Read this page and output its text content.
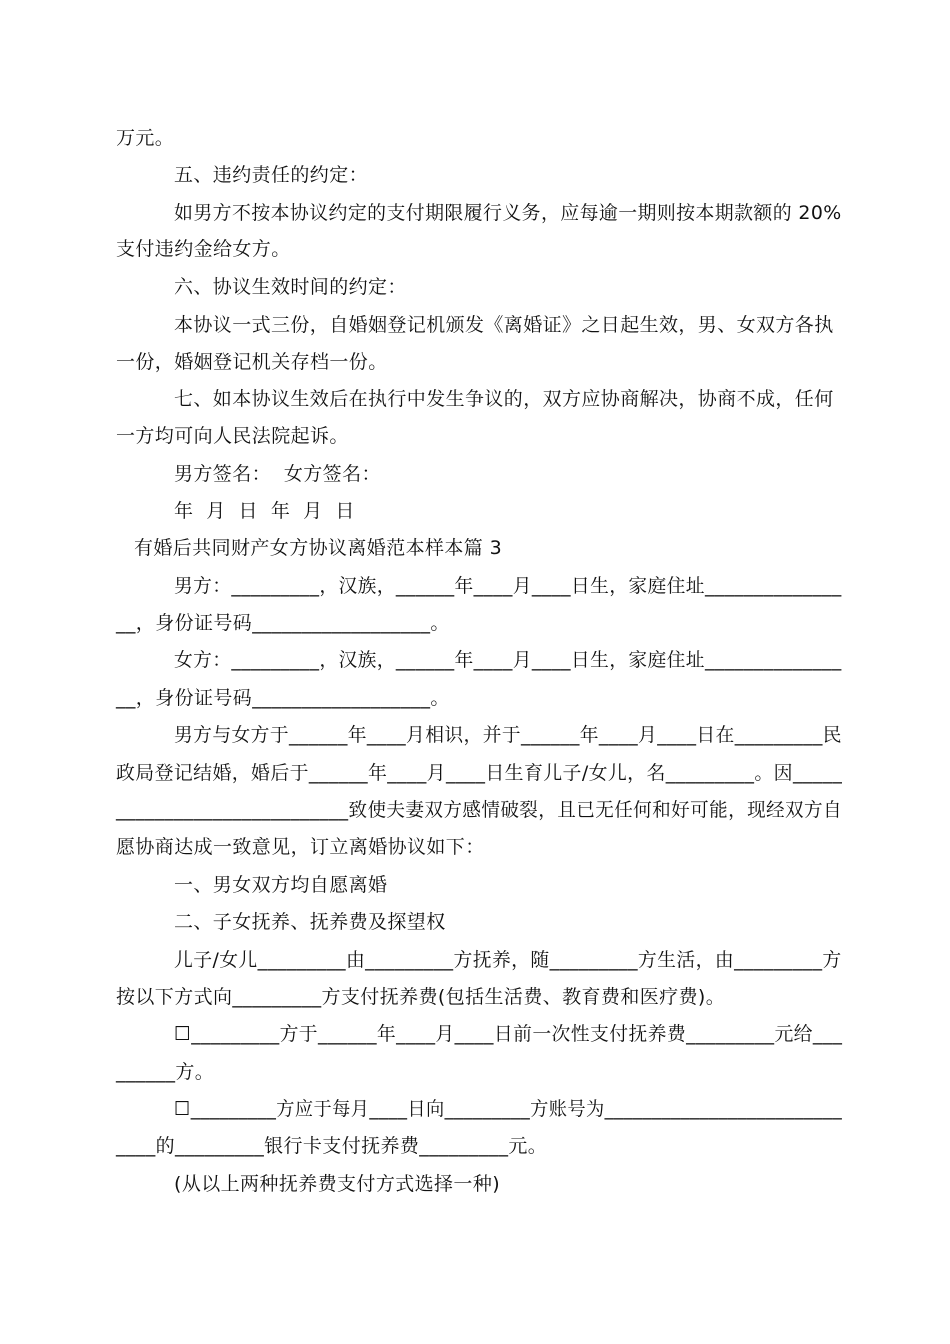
万元。
五、违约责任的约定：
如男方不按本协议约定的支付期限履行义务，应每逾一期则按本期款额的 20%
支付违约金给女方。
六、协议生效时间的约定：
本协议一式三份，自婚姻登记机颁发《离婚证》之日起生效，男、女双方各执
一份，婚姻登记机关存档一份。
七、如本协议生效后在执行中发生争议的，双方应协商解决，协商不成，任何
一方均可向人民法院起诉。
男方签名：  女方签名：
年  月  日  年  月  日
有婚后共同财产女方协议离婚范本样本篇 3
男方：_________，汉族，______年____月____日生，家庭住址______________
__，身份证号码__________________。
女方：_________，汉族，______年____月____日生，家庭住址______________
__，身份证号码__________________。
男方与女方于______年____月相识，并于______年____月____日在_________民
政局登记结婚，婚后于______年____月____日生育儿子/女儿，名_________。因_____
________________________致使夫妻双方感情破裂，且已无任何和好可能，现经双方自
愿协商达成一致意见，订立离婚协议如下：
一、男女双方均自愿离婚
二、子女抚养、抚养费及探望权
儿子/女儿_________由_________方抚养，随_________方生活，由_________方
按以下方式向_________方支付抚养费(包括生活费、教育费和医疗费)。
☐_________方于______年____月____日前一次性支付抚养费_________元给___
______方。
☐_________方应于每月____日向_________方账号为_________________________
____的_________银行卡支付抚养费_________元。
(从以上两种抚养费支付方式选择一种)
